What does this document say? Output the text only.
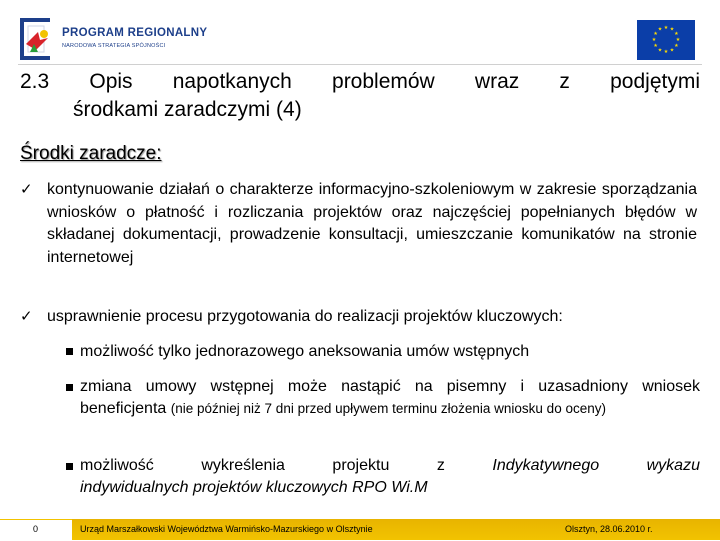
PROGRAM REGIONALNY
NARODOWA STRATEGIA SPÓJNOŚCI
★ ★
★
★
★
★
★
★
★
★
★
★
2.3 Opis napotkanych problemów wraz z podjętymi
środkami zaradczymi (4)
Środki zaradcze:
✓ kontynuowanie działań o charakterze informacyjno-szkoleniowym w zakresie sporządzania wniosków o płatność i rozliczania projektów oraz najczęściej popełnianych błędów w składanej dokumentacji, prowadzenie konsultacji, umieszczanie komunikatów na stronie internetowej
✓ usprawnienie procesu przygotowania do realizacji projektów kluczowych:
możliwość tylko jednorazowego aneksowania umów wstępnych
zmiana umowy wstępnej może nastąpić na pisemny i uzasadniony wniosek beneficjenta (nie później niż 7 dni przed upływem terminu złożenia wniosku do oceny)
możliwość	wykreślenia	projektu	z	Indykatywnego	wykazu
indywidualnych projektów kluczowych RPO Wi.M
0	Urząd Marszałkowski Województwa Warmińsko-Mazurskiego w Olsztynie	Olsztyn, 28.06.2010 r.
